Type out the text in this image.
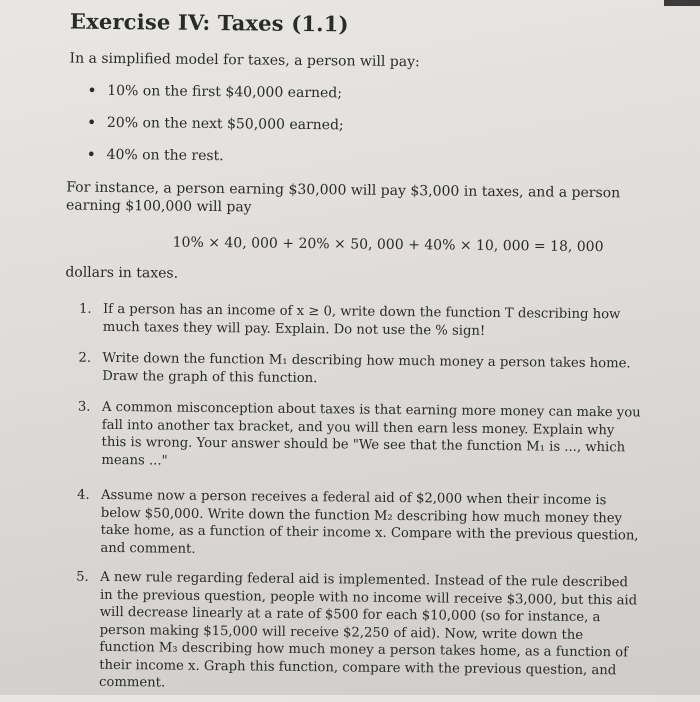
Exercise IV: Taxes (1.1)
In a simplified model for taxes, a person will pay:
• 10% on the first $40,000 earned;
• 20% on the next $50,000 earned;
• 40% on the rest.
For instance, a person earning $30,000 will pay $3,000 in taxes, and a person earning $100,000 will pay
10% × 40, 000 + 20% × 50, 000 + 40% × 10, 000 = 18, 000
dollars in taxes.
1. If a person has an income of x ≥ 0, write down the function T describing how much taxes they will pay. Explain. Do not use the % sign!
2. Write down the function M₁ describing how much money a person takes home. Draw the graph of this function.
3. A common misconception about taxes is that earning more money can make you fall into another tax bracket, and you will then earn less money. Explain why this is wrong. Your answer should be "We see that the function M₁ is ..., which means ..."
4. Assume now a person receives a federal aid of $2,000 when their income is below $50,000. Write down the function M₂ describing how much money they take home, as a function of their income x. Compare with the previous question, and comment.
5. A new rule regarding federal aid is implemented. Instead of the rule described in the previous question, people with no income will receive $3,000, but this aid will decrease linearly at a rate of $500 for each $10,000 (so for instance, a person making $15,000 will receive $2,250 of aid). Now, write down the function M₃ describing how much money a person takes home, as a function of their income x. Graph this function, compare with the previous question, and comment.
